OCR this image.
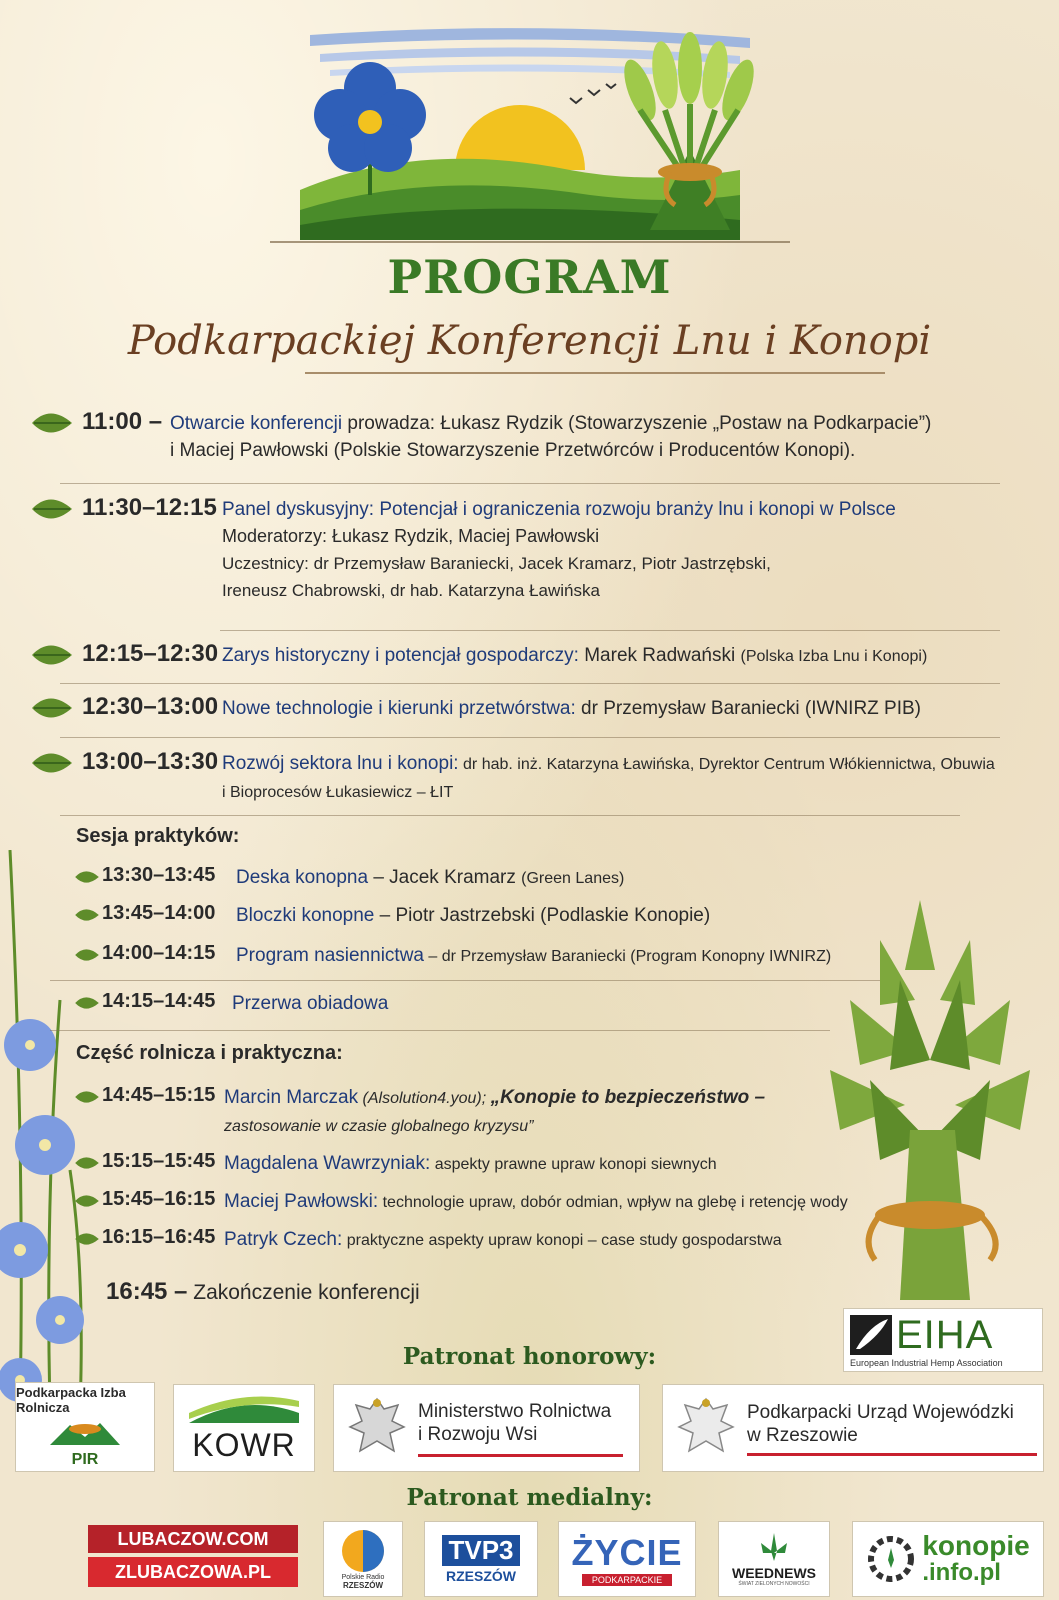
PROGRAM
Podkarpackiej Konferencji Lnu i Konopi
11:00 – Otwarcie konferencji prowadza: Łukasz Rydzik (Stowarzyszenie „Postaw na Podkarpacie”)
i Maciej Pawłowski (Polskie Stowarzyszenie Przetwórców i Producentów Konopi).
11:30–12:15 Panel dyskusyjny: Potencjał i ograniczenia rozwoju branży lnu i konopi w Polsce
Moderatorzy: Łukasz Rydzik, Maciej Pawłowski
Uczestnicy: dr Przemysław Baraniecki, Jacek Kramarz, Piotr Jastrzębski,
Ireneusz Chabrowski, dr hab. Katarzyna Ławińska
12:15–12:30 Zarys historyczny i potencjał gospodarczy: Marek Radwański (Polska Izba Lnu i Konopi)
12:30–13:00 Nowe technologie i kierunki przetwórstwa: dr Przemysław Baraniecki (IWNIRZ PIB)
13:00–13:30 Rozwój sektora lnu i konopi: dr hab. inż. Katarzyna Ławińska, Dyrektor Centrum Włókiennictwa, Obuwia
i Bioprocesów Łukasiewicz – ŁIT
Sesja praktyków:
13:30–13:45 Deska konopna – Jacek Kramarz (Green Lanes)
13:45–14:00 Bloczki konopne – Piotr Jastrzebski (Podlaskie Konopie)
14:00–14:15 Program nasiennictwa – dr Przemysław Baraniecki (Program Konopny IWNIRZ)
14:15–14:45 Przerwa obiadowa
Część rolnicza i praktyczna:
14:45–15:15 Marcin Marczak (Alsolution4.you); „Konopie to bezpieczeństwo –
zastosowanie w czasie globalnego kryzysu”
15:15–15:45 Magdalena Wawrzyniak: aspekty prawne upraw konopi siewnych
15:45–16:15 Maciej Pawłowski: technologie upraw, dobór odmian, wpływ na glebę i retencję wody
16:15–16:45 Patryk Czech: praktyczne aspekty upraw konopi – case study gospodarstwa
16:45 – Zakończenie konferencji
Patronat honorowy:	EIHA
European Industrial Hemp Association
Podkarpacka Izba Rolnicza
PIR	KOWR
Ministerstwo Rolnictwa
i Rozwoju Wsi
Podkarpacki Urząd Wojewódzki
w Rzeszowie
Patronat medialny:
LUBACZOW.COM
ZLUBACZOWA.PL	Polskie Radio
RZESZÓW
TVP3
RZESZÓW
ŻYCIE
PODKARPACKIE	WEEDNEWS
ŚWIAT ZIELONYCH NOWOŚCI
konopie
.info.pl
